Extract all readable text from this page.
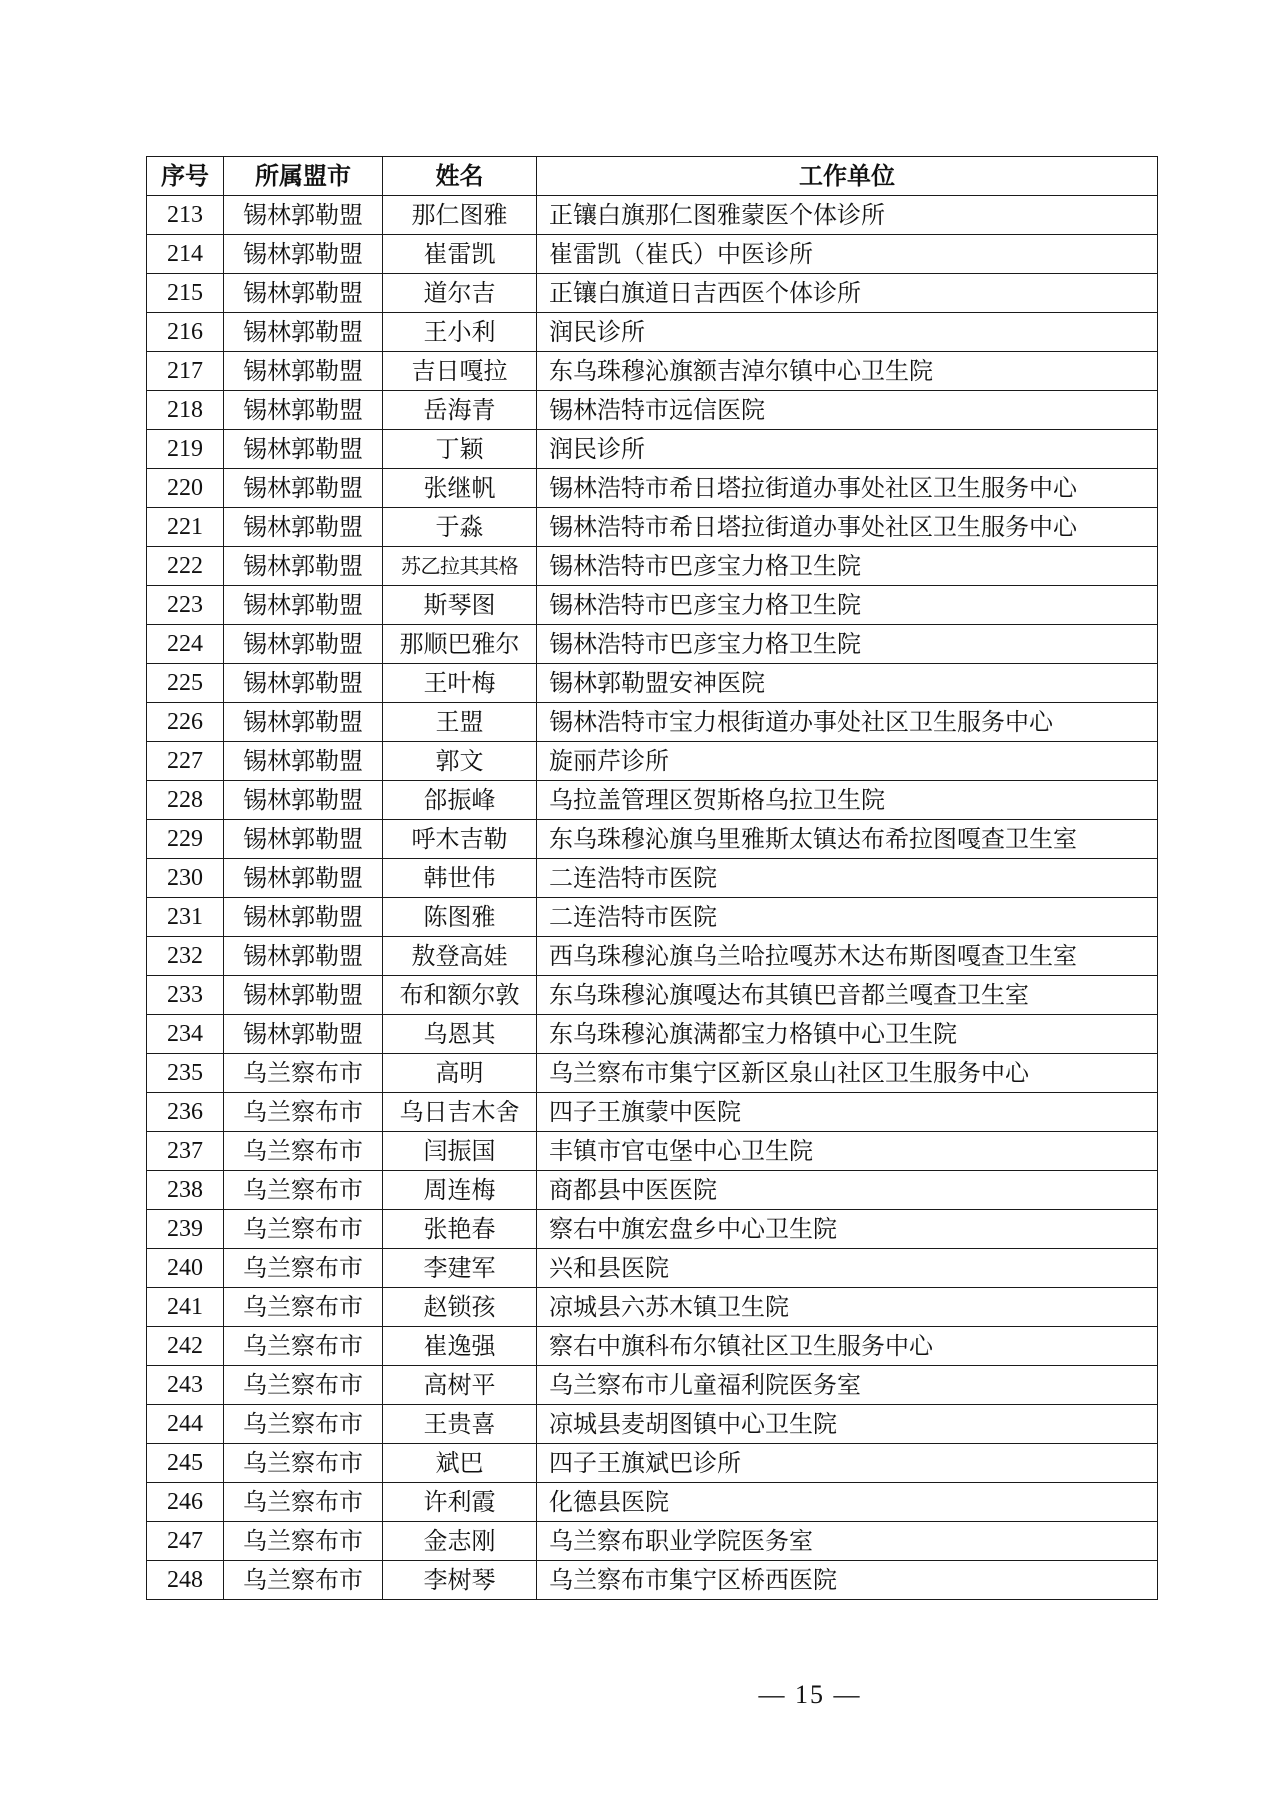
序号	所属盟市	姓名	工作单位
213	锡林郭勒盟	那仁图雅	正镶白旗那仁图雅蒙医个体诊所
214	锡林郭勒盟	崔雷凯	崔雷凯（崔氏）中医诊所
215	锡林郭勒盟	道尔吉	正镶白旗道日吉西医个体诊所
216	锡林郭勒盟	王小利	润民诊所
217	锡林郭勒盟	吉日嘎拉	东乌珠穆沁旗额吉淖尔镇中心卫生院
218	锡林郭勒盟	岳海青	锡林浩特市远信医院
219	锡林郭勒盟	丁颖	润民诊所
220	锡林郭勒盟	张继帆	锡林浩特市希日塔拉街道办事处社区卫生服务中心
221	锡林郭勒盟	于淼	锡林浩特市希日塔拉街道办事处社区卫生服务中心
222	锡林郭勒盟	苏乙拉其其格	锡林浩特市巴彦宝力格卫生院
223	锡林郭勒盟	斯琴图	锡林浩特市巴彦宝力格卫生院
224	锡林郭勒盟	那顺巴雅尔	锡林浩特市巴彦宝力格卫生院
225	锡林郭勒盟	王叶梅	锡林郭勒盟安神医院
226	锡林郭勒盟	王盟	锡林浩特市宝力根街道办事处社区卫生服务中心
227	锡林郭勒盟	郭文	旋丽芹诊所
228	锡林郭勒盟	郃振峰	乌拉盖管理区贺斯格乌拉卫生院
229	锡林郭勒盟	呼木吉勒	东乌珠穆沁旗乌里雅斯太镇达布希拉图嘎查卫生室
230	锡林郭勒盟	韩世伟	二连浩特市医院
231	锡林郭勒盟	陈图雅	二连浩特市医院
232	锡林郭勒盟	敖登高娃	西乌珠穆沁旗乌兰哈拉嘎苏木达布斯图嘎查卫生室
233	锡林郭勒盟	布和额尔敦	东乌珠穆沁旗嘎达布其镇巴音都兰嘎查卫生室
234	锡林郭勒盟	乌恩其	东乌珠穆沁旗满都宝力格镇中心卫生院
235	乌兰察布市	高明	乌兰察布市集宁区新区泉山社区卫生服务中心
236	乌兰察布市	乌日吉木舍	四子王旗蒙中医院
237	乌兰察布市	闫振国	丰镇市官屯堡中心卫生院
238	乌兰察布市	周连梅	商都县中医医院
239	乌兰察布市	张艳春	察右中旗宏盘乡中心卫生院
240	乌兰察布市	李建军	兴和县医院
241	乌兰察布市	赵锁孩	凉城县六苏木镇卫生院
242	乌兰察布市	崔逸强	察右中旗科布尔镇社区卫生服务中心
243	乌兰察布市	高树平	乌兰察布市儿童福利院医务室
244	乌兰察布市	王贵喜	凉城县麦胡图镇中心卫生院
245	乌兰察布市	斌巴	四子王旗斌巴诊所
246	乌兰察布市	许利霞	化德县医院
247	乌兰察布市	金志刚	乌兰察布职业学院医务室
248	乌兰察布市	李树琴	乌兰察布市集宁区桥西医院
— 15 —
